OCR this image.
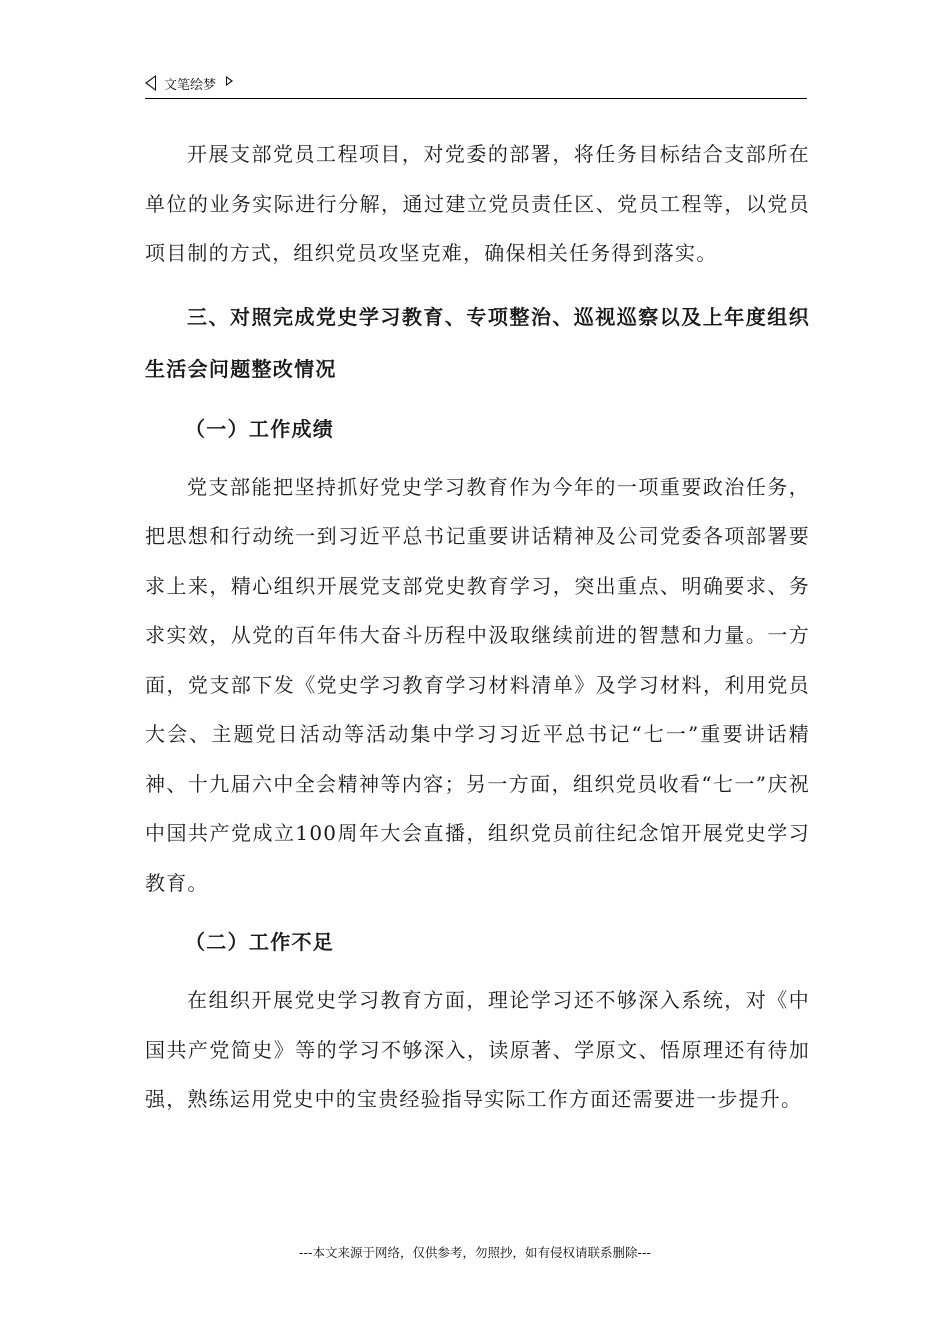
文笔绘梦

开展支部党员工程项目，对党委的部署，将任务目标结合支部所在单位的业务实际进行分解，通过建立党员责任区、党员工程等，以党员项目制的方式，组织党员攻坚克难，确保相关任务得到落实。

三、对照完成党史学习教育、专项整治、巡视巡察以及上年度组织生活会问题整改情况

（一）工作成绩

党支部能把坚持抓好党史学习教育作为今年的一项重要政治任务，把思想和行动统一到习近平总书记重要讲话精神及公司党委各项部署要求上来，精心组织开展党支部党史教育学习，突出重点、明确要求、务求实效，从党的百年伟大奋斗历程中汲取继续前进的智慧和力量。一方面，党支部下发《党史学习教育学习材料清单》及学习材料，利用党员大会、主题党日活动等活动集中学习习近平总书记“七一”重要讲话精神、十九届六中全会精神等内容；另一方面，组织党员收看“七一”庆祝中国共产党成立100周年大会直播，组织党员前往纪念馆开展党史学习教育。

（二）工作不足

在组织开展党史学习教育方面，理论学习还不够深入系统，对《中国共产党简史》等的学习不够深入，读原著、学原文、悟原理还有待加强，熟练运用党史中的宝贵经验指导实际工作方面还需要进一步提升。

---本文来源于网络，仅供参考，勿照抄，如有侵权请联系删除---
